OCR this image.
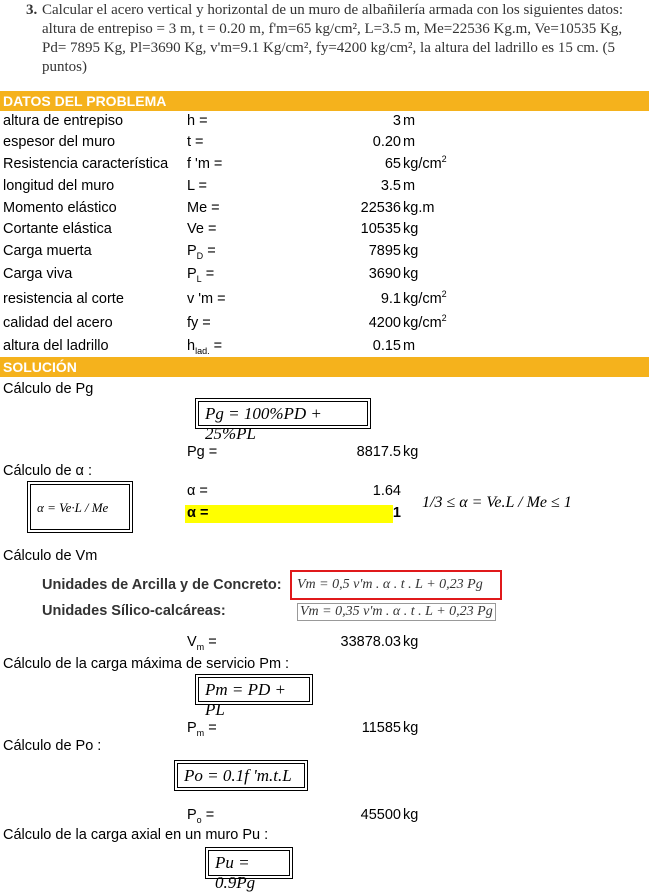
3. Calcular el acero vertical y horizontal de un muro de albañilería armada con los siguientes datos: altura de entrepiso = 3 m, t = 0.20 m, f'm=65 kg/cm², L=3.5 m, Me=22536 Kg.m, Ve=10535 Kg, Pd= 7895 Kg, Pl=3690 Kg, v'm=9.1 Kg/cm², fy=4200 kg/cm², la altura del ladrillo es 15 cm. (5 puntos)
DATOS DEL PROBLEMA
altura de entrepiso	h =	3 m
espesor del muro	t =	0.20 m
Resistencia característica f 'm =	65 $kg/cm^2$
longitud del muro	L =	3.5 m
Momento elástico	Me =	22536 kg.m
Cortante elástica	Ve =	10535 kg
Carga muerta	$P_D$ =	7895 kg
Carga viva	$P_L$ =	3690 kg
resistencia al corte	v 'm =	9.1 $kg/cm^2$
calidad del acero	fy =	4200 $kg/cm^2$
altura del ladrillo	$h_{lad.}$ =	0.15 m
SOLUCIÓN
Cálculo de Pg
Pg = 100%PD + 25%PL
Pg =	8817.5 kg
Cálculo de α :
α = Ve·L / Me
α =	1.64
α =	1
1/3 ≤ α = Ve.L / Me ≤ 1
Cálculo de Vm
Unidades de Arcilla y de Concreto: Vm = 0,5 v'm . α . t . L + 0,23 Pg
Unidades Sílico-calcáreas:	Vm = 0,35 v'm . α . t . L + 0,23 Pg
$V_m$ =	33878.03 kg
Cálculo de la carga máxima de servicio Pm :
Pm = PD + PL
$P_m$ =	11585 kg
Cálculo de Po :
Po = 0.1f 'm.t.L
$P_o$ =	45500 kg
Cálculo de la carga axial en un muro Pu :
Pu = 0.9Pg
